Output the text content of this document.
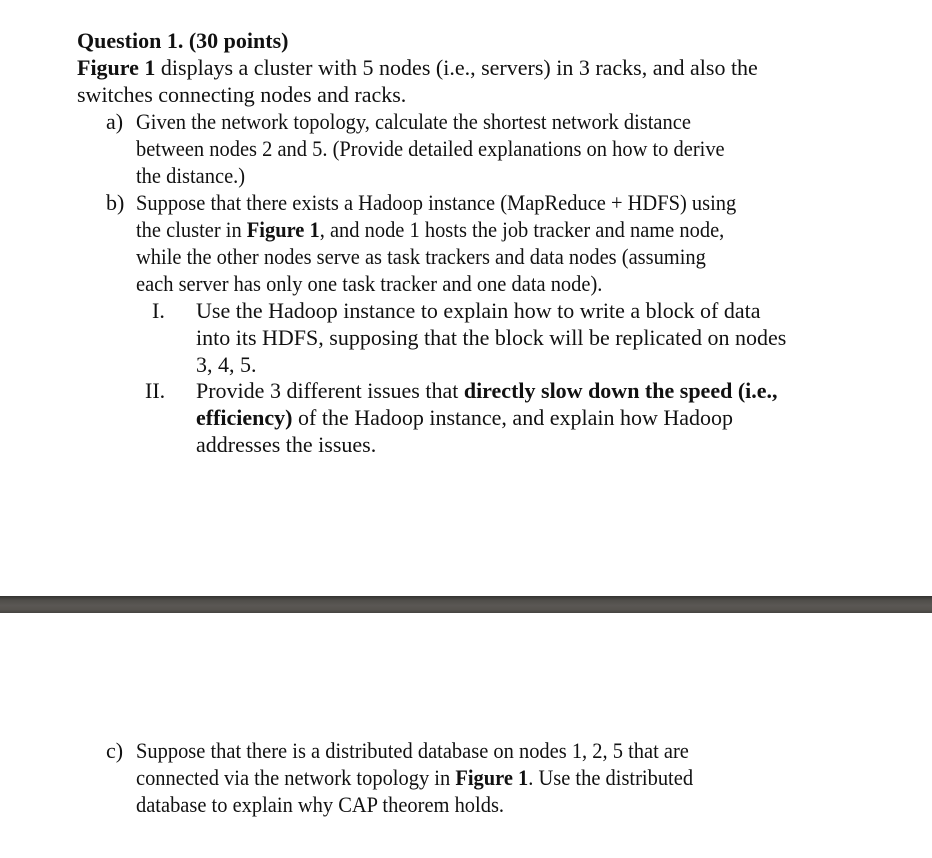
Question 1. (30 points)
Figure 1 displays a cluster with 5 nodes (i.e., servers) in 3 racks, and also the
switches connecting nodes and racks.
a) Given the network topology, calculate the shortest network distance
between nodes 2 and 5. (Provide detailed explanations on how to derive
the distance.)
b) Suppose that there exists a Hadoop instance (MapReduce + HDFS) using
the cluster in Figure 1, and node 1 hosts the job tracker and name node,
while the other nodes serve as task trackers and data nodes (assuming
each server has only one task tracker and one data node).
I. Use the Hadoop instance to explain how to write a block of data
into its HDFS, supposing that the block will be replicated on nodes
3, 4, 5.
II. Provide 3 different issues that directly slow down the speed (i.e.,
efficiency) of the Hadoop instance, and explain how Hadoop
addresses the issues.
c) Suppose that there is a distributed database on nodes 1, 2, 5 that are
connected via the network topology in Figure 1. Use the distributed
database to explain why CAP theorem holds.
